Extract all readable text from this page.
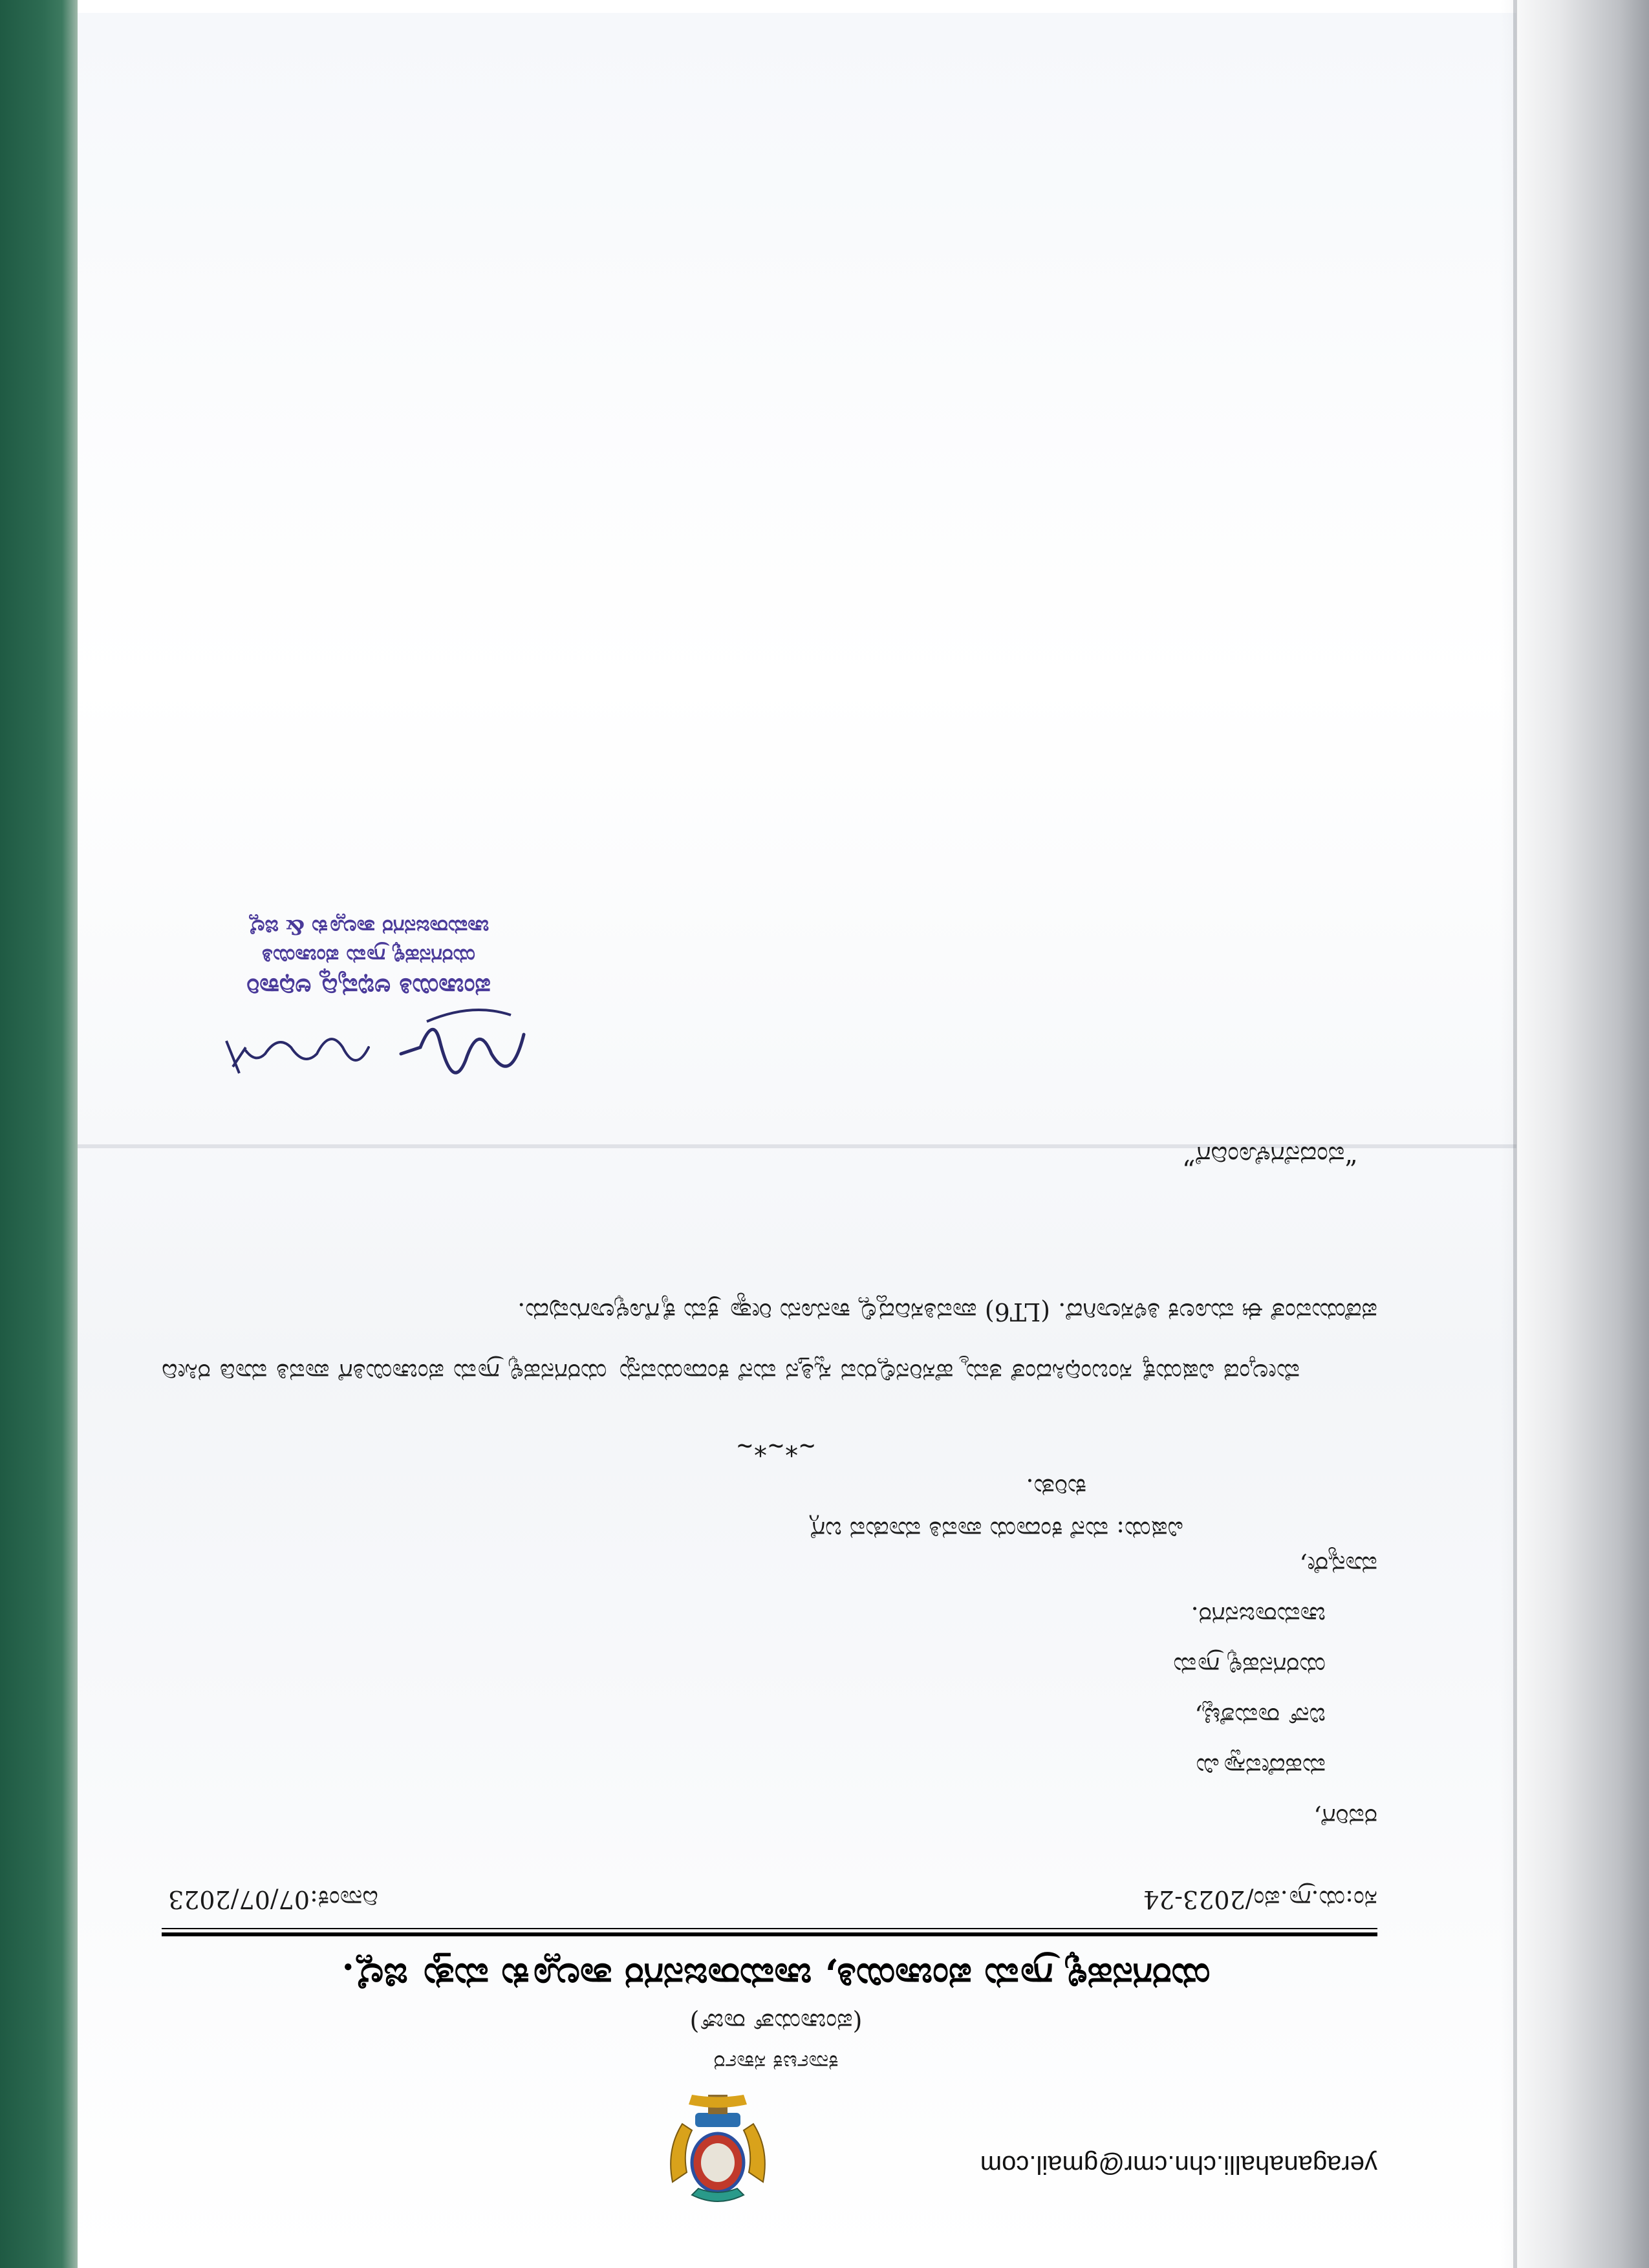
yeraganahalli.chn.cmr@gmail.com
ಕರ್ನಾಟಕ ಸರ್ಕಾರ
(ಪಂಚಾಯತ್ ರಾಜ್)
ಯರಗನಹಳ್ಳಿ ಗ್ರಾಮ ಪಂಚಾಯಿತಿ, ಚಾಮರಾಜನಗರ ತಾಲ್ಲೂಕು ಮತ್ತು ಜಿಲ್ಲೆ.
ಸಂ:ಯ.ಗ್ರಾ.ಪಂ/2023-24
ದಿನಾಂಕ:07/07/2023
ರವರಿಗೆ,
ಮಹದೇವಸ್ವಾಮಿ
ಬಿನ್ ರಾಮಶೆಟ್ಟಿ,
ಯರಗನಹಳ್ಳಿ ಗ್ರಾಮ
ಚಾಮರಾಜನಗರ.
ಮಾನ್ಯರೇ,
ವಿಷಯ: ಮನೆ ಕಂದಾಯ ಪಾವತಿ ಮಾಡುವ ಬಗ್ಗೆ
ಕುರಿತು.
~*~*~
ಮೇಲ್ಕಂಡ ವಿಷಯಕ್ಕೆ ಸಂಬಂಧಿಸಿದಂತೆ ತಮ್ಮ ಹೆಸರಿನಲ್ಲಿರುವ ಸ್ವತ್ತಿನ ಮನೆ ಕಂದಾಯವನ್ನು ಯರಗನಹಳ್ಳಿ ಗ್ರಾಮ ಪಂಚಾಯಿತಿಗೆ ಪಾವತಿ ಮಾಡಿ ರಸೀದಿ ಪಡೆಯುವಂತೆ ಈ ಮೂಲಕ ತಿಳಿಸಲಾಗಿದೆ. (LT6) ಪಾವತಿಸದಿದ್ದಲ್ಲಿ ಕಾನೂನು ರೀತ್ಯಾ ಕ್ರಮ ಕೈಗೊಳ್ಳಲಾಗುವುದು.
“ವಂದನೆಗಳೊಂದಿಗೆ”
ಪಂಚಾಯಿತಿ ಅಭಿವೃದ್ಧಿ ಅಧಿಕಾರಿ
ಯರಗನಹಳ್ಳಿ ಗ್ರಾಮ ಪಂಚಾಯಿತಿ
ಚಾಮರಾಜನಗರ ತಾಲ್ಲೂಕು & ಜಿಲ್ಲೆ
